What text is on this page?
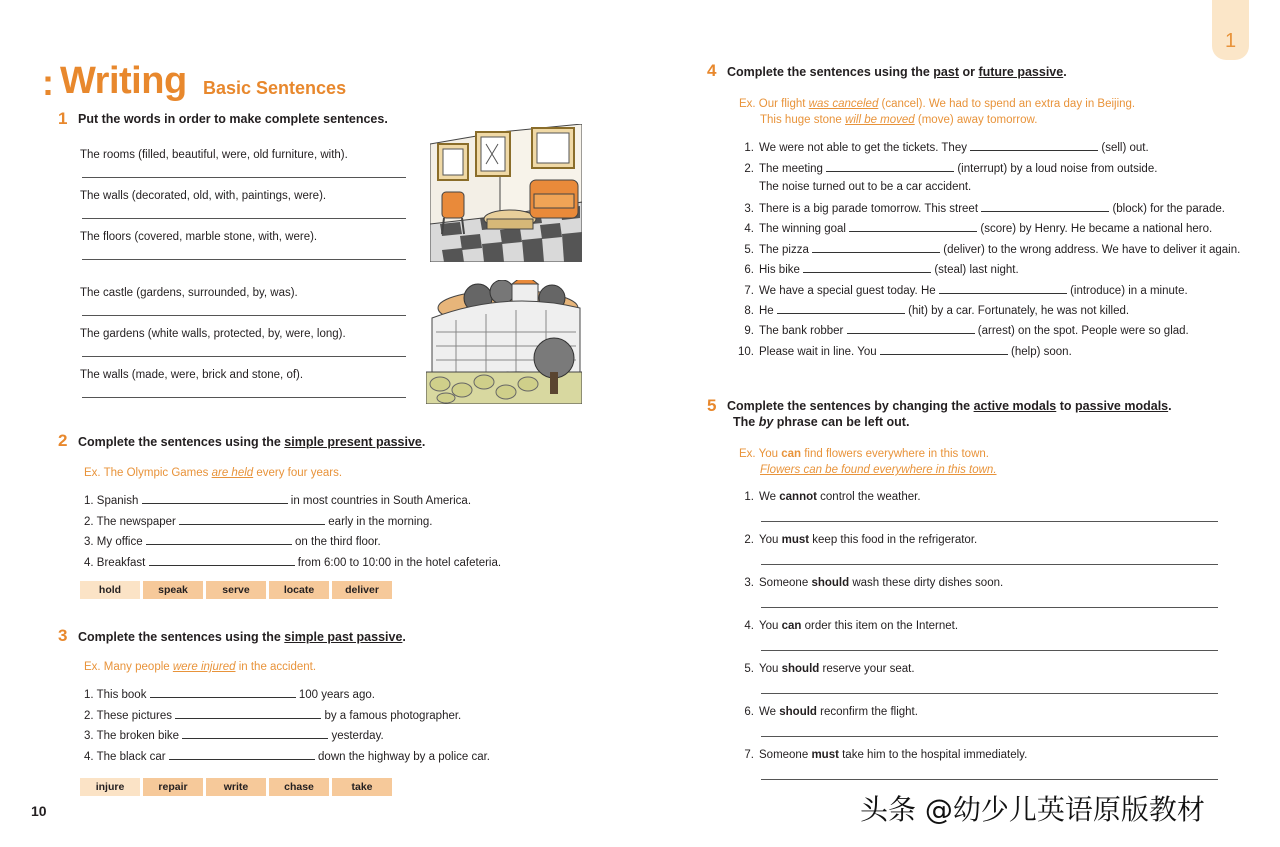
1
: Writing Basic Sentences
1 Put the words in order to make complete sentences.
The rooms (filled, beautiful, were, old furniture, with).
The walls (decorated, old, with, paintings, were).
The floors (covered, marble stone, with, were).
The castle (gardens, surrounded, by, was).
The gardens (white walls, protected, by, were, long).
The walls (made, were, brick and stone, of).
2 Complete the sentences using the simple present passive.
Ex. The Olympic Games are held every four years.
1. Spanish	in most countries in South America.
2. The newspaper	early in the morning.
3. My office	on the third floor.
4. Breakfast	from 6:00 to 10:00 in the hotel cafeteria.
hold	speak	serve	locate	deliver
3 Complete the sentences using the simple past passive.
Ex. Many people were injured in the accident.
1. This book	100 years ago.
2. These pictures	by a famous photographer.
3. The broken bike	yesterday.
4. The black car	down the highway by a police car.
injure	repair	write	chase	take
10
4 Complete the sentences using the past or future passive.
Ex. Our flight was canceled (cancel). We had to spend an extra day in Beijing.
This huge stone will be moved (move) away tomorrow.
1. We were not able to get the tickets. They	(sell) out.
2. The meeting	(interrupt) by a loud noise from outside.
The noise turned out to be a car accident.
3. There is a big parade tomorrow. This street	(block) for the parade.
4. The winning goal	(score) by Henry. He became a national hero.
5. The pizza	(deliver) to the wrong address. We have to deliver it again.
6. His bike	(steal) last night.
7. We have a special guest today. He	(introduce) in a minute.
8. He	(hit) by a car. Fortunately, he was not killed.
9. The bank robber	(arrest) on the spot. People were so glad.
10. Please wait in line. You	(help) soon.
5 Complete the sentences by changing the active modals to passive modals.
The by phrase can be left out.
Ex. You can find flowers everywhere in this town.
Flowers can be found everywhere in this town.
1. We cannot control the weather.
2. You must keep this food in the refrigerator.
3. Someone should wash these dirty dishes soon.
4. You can order this item on the Internet.
5. You should reserve your seat.
6. We should reconfirm the flight.
7. Someone must take him to the hospital immediately.
头条 @幼少儿英语原版教材
